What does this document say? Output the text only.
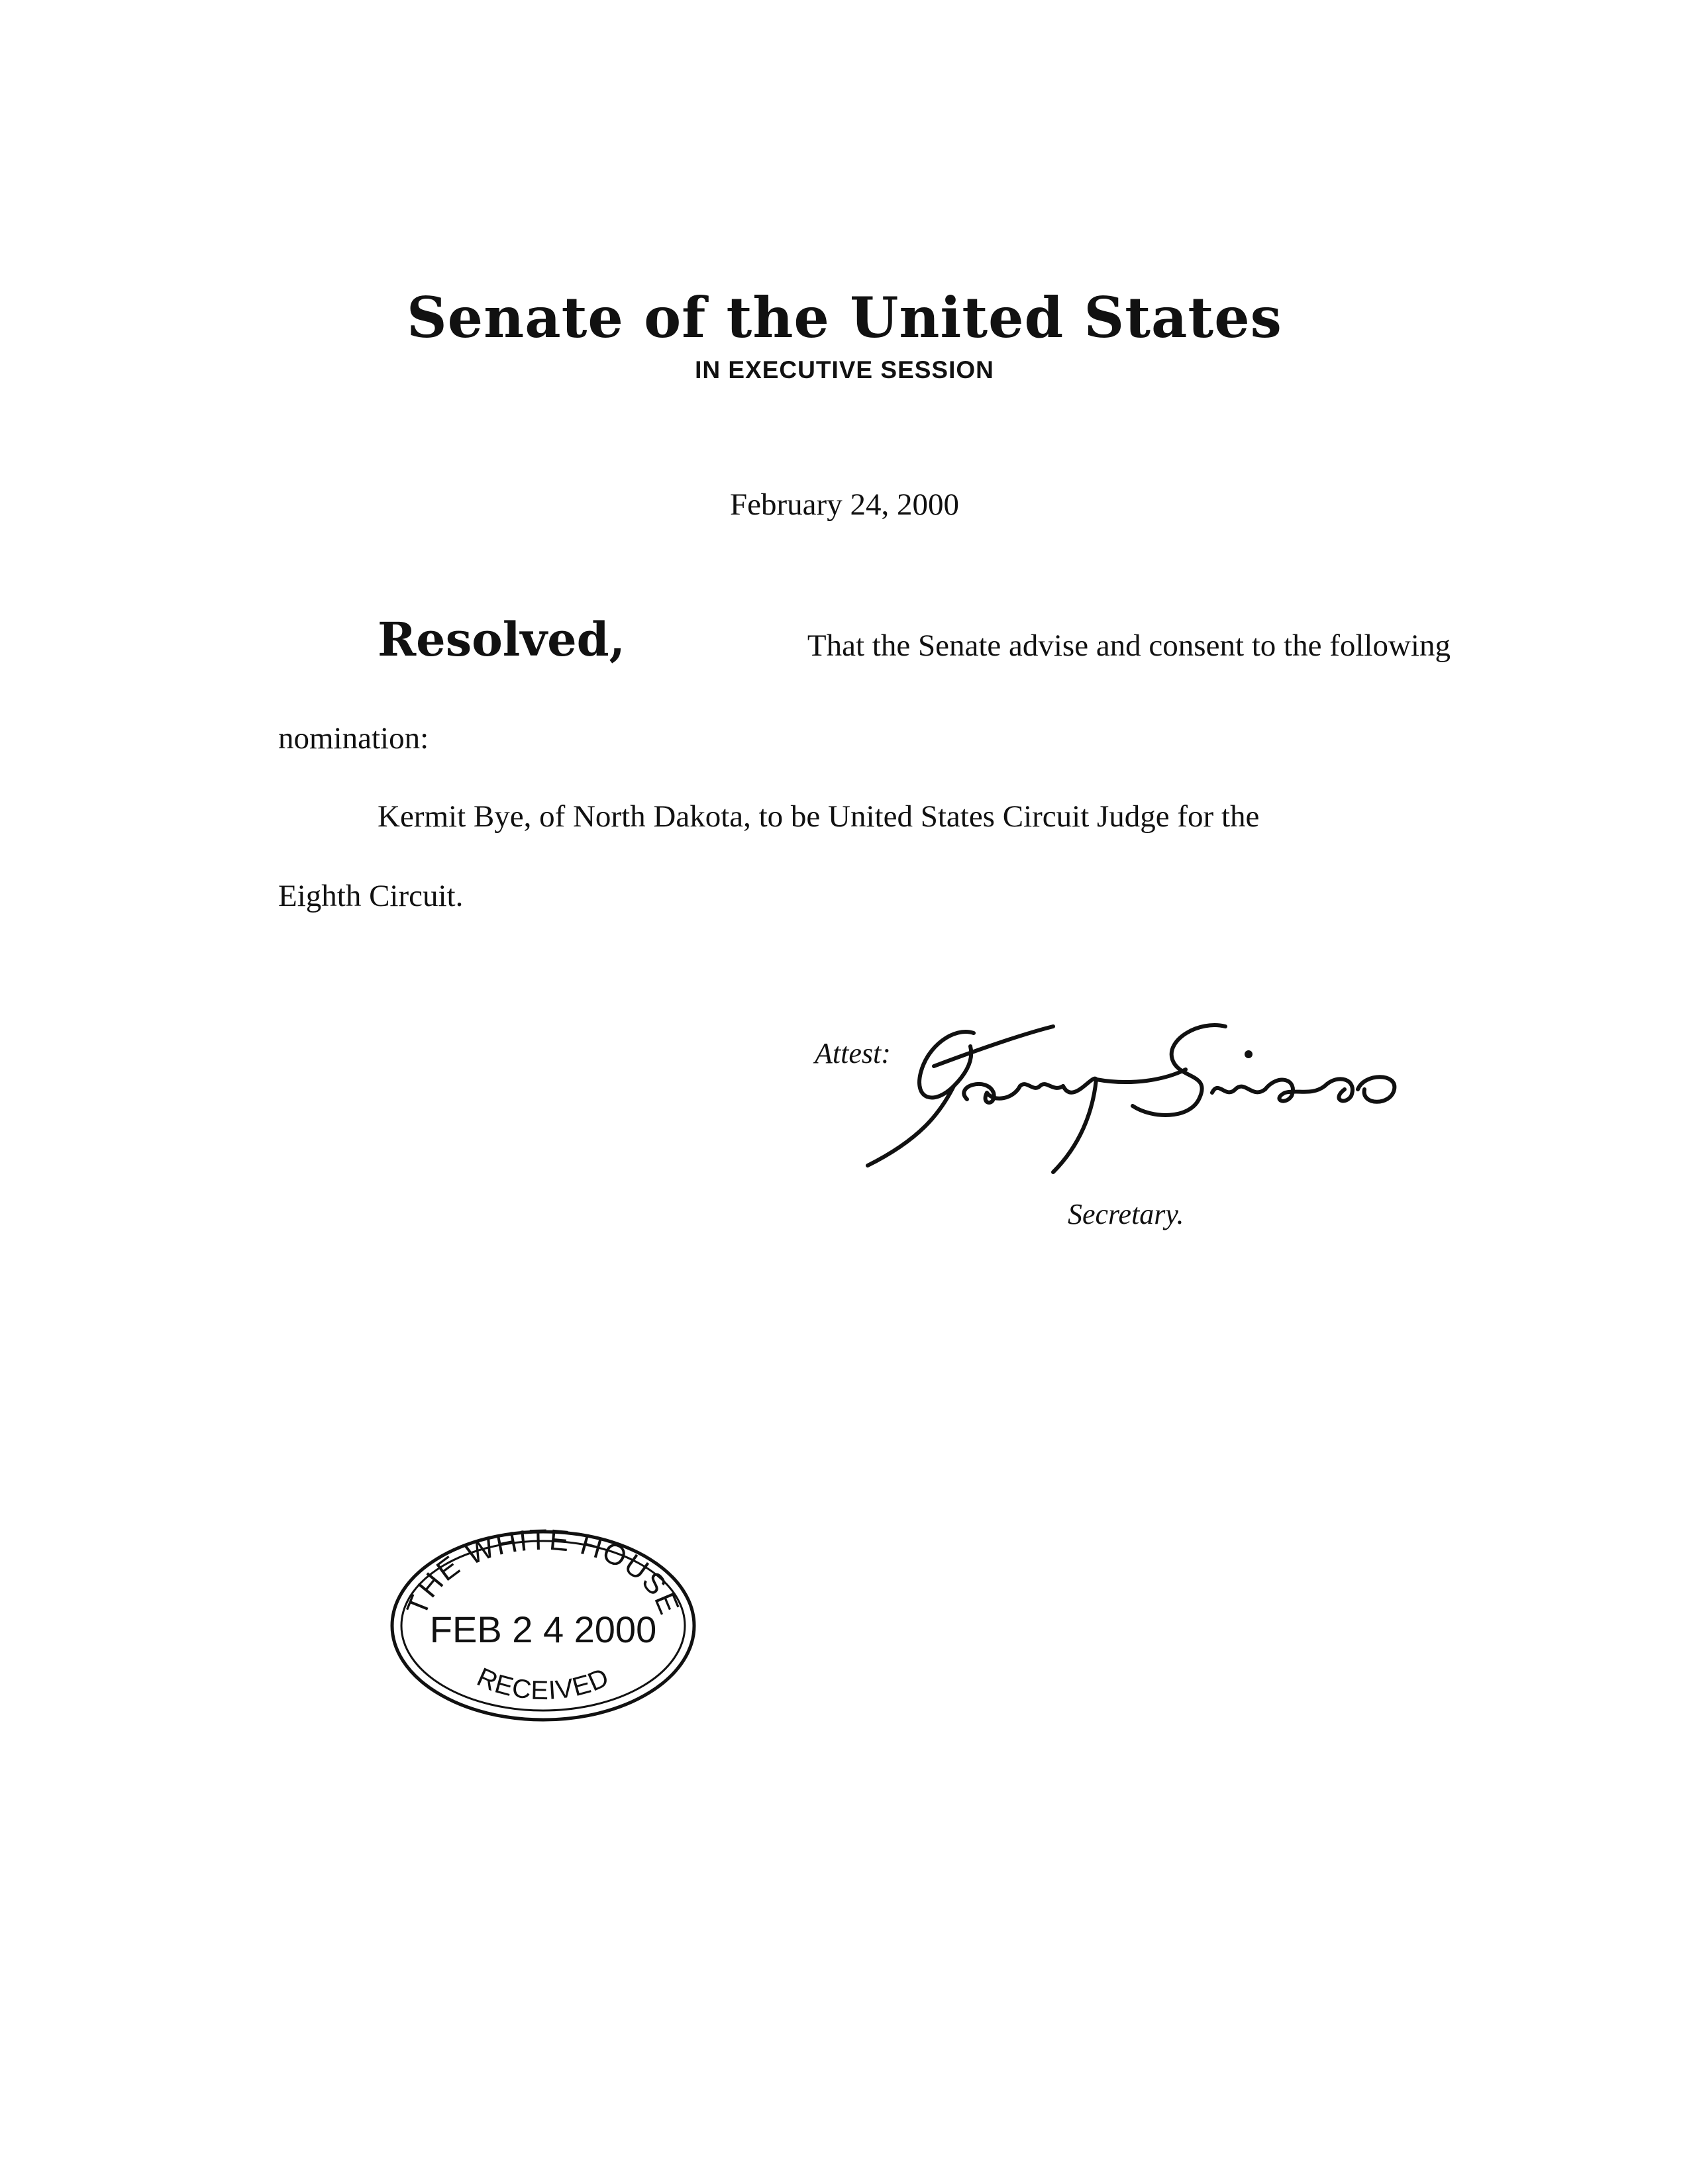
Senate of the United States
IN EXECUTIVE SESSION
February 24, 2000
Resolved,	That the Senate advise and consent to the following
nomination:
Kermit Bye, of North Dakota, to be United States Circuit Judge for the
Eighth Circuit.
Attest:
Secretary.
THE WHITE HOUSE
FEB 2 4 2000
RECEIVED
